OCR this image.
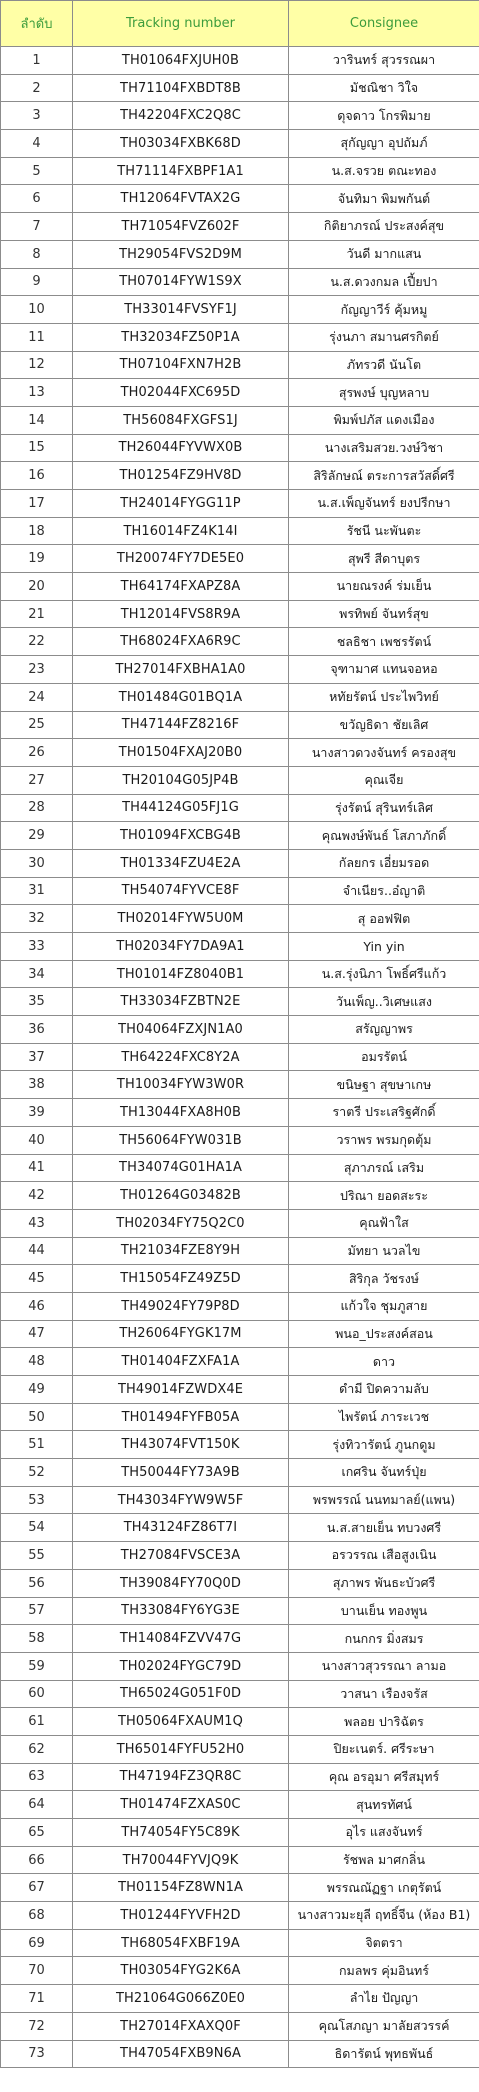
ลำดับ	Tracking number	Consignee
1	TH01064FXJUH0B	วารินทร์ สุวรรณผา
2	TH71104FXBDT8B	มัชณิชา วิใจ
3	TH42204FXC2Q8C	ดุจดาว โกรพิมาย
4	TH03034FXBK68D	สุกัญญา อุปถัมภ์
5	TH71114FXBPF1A1	น.ส.จรวย ตณะทอง
6	TH12064FVTAX2G	จันทิมา พิมพกันต์
7	TH71054FVZ602F	กิติยาภรณ์ ประสงค์สุข
8	TH29054FVS2D9M	วันดี มากแสน
9	TH07014FYW1S9X	น.ส.ดวงกมล เปี้ยปา
10	TH33014FVSYF1J	กัญญาวีร์ คุ้มหมู
11	TH32034FZ50P1A	รุ่งนภา สมานศรกิตย์
12	TH07104FXN7H2B	ภัทรวดี นันโต
13	TH02044FXC695D	สุรพงษ์ บุญหลาบ
14	TH56084FXGFS1J	พิมพ์ปภัส แดงเมือง
15	TH26044FYVWX0B	นางเสริมสวย.วงษ์วิชา
16	TH01254FZ9HV8D	สิริลักษณ์ ตระการสวัสดิ์ศรี
17	TH24014FYGG11P	น.ส.เพ็ญจันทร์ ยงปรีกษา
18	TH16014FZ4K14I	รัชนี นะพันตะ
19	TH20074FY7DE5E0	สุพรี สีดาบุตร
20	TH64174FXAPZ8A	นายณรงค์ ร่มเย็น
21	TH12014FVS8R9A	พรทิพย์ จันทร์สุข
22	TH68024FXA6R9C	ชลธิชา เพชรรัตน์
23	TH27014FXBHA1A0	จุฑามาศ แทนจอหอ
24	TH01484G01BQ1A	หทัยรัตน์ ประไพวิทย์
25	TH47144FZ8216F	ขวัญธิดา ชัยเลิศ
26	TH01504FXAJ20B0	นางสาวดวงจันทร์ ครองสุข
27	TH20104G05JP4B	คุณเจีย
28	TH44124G05FJ1G	รุ่งรัตน์ สุรินทร์เลิศ
29	TH01094FXCBG4B	คุณพงษ์พันธ์ โสภาภักดิ์
30	TH01334FZU4E2A	กัลยกร เอี่ยมรอด
31	TH54074FYVCE8F	จำเนียร..อ๋ญาติ
32	TH02014FYW5U0M	สุ ออฟฟิต
33	TH02034FY7DA9A1	Yin yin
34	TH01014FZ8040B1	น.ส.รุ่งนิภา โพธิ์ศรีแก้ว
35	TH33034FZBTN2E	วันเพ็ญ..วิเศษแสง
36	TH04064FZXJN1A0	สรัญญาพร
37	TH64224FXC8Y2A	อมรรัตน์
38	TH10034FYW3W0R	ขนิษฐา สุขษาเกษ
39	TH13044FXA8H0B	ราตรี ประเสริฐศักดิ์
40	TH56064FYW031B	วราพร พรมกุดตุ้ม
41	TH34074G01HA1A	สุภาภรณ์ เสริม
42	TH01264G03482B	ปริณา ยอดสะระ
43	TH02034FY75Q2C0	คุณฟ้าใส
44	TH21034FZE8Y9H	มัทยา นวลไข
45	TH15054FZ49Z5D	สิริกุล วัชรงษ์
46	TH49024FY79P8D	แก้วใจ ชุมภูสาย
47	TH26064FYGK17M	พนอ_ประสงค์สอน
48	TH01404FZXFA1A	ดาว
49	TH49014FZWDX4E	ดำมี ปิดความลับ
50	TH01494FYFB05A	ไพรัตน์ ภาระเวช
51	TH43074FVT150K	รุ่งทิวารัตน์ ภูนกดูม
52	TH50044FY73A9B	เกศริน จันทร์ปุ่ย
53	TH43034FYW9W5F	พรพรรณ์ นนทมาลย์(แพน)
54	TH43124FZ86T7I	น.ส.สายเย็น ทบวงศรี
55	TH27084FVSCE3A	อรวรรณ เสือสูงเนิน
56	TH39084FY70Q0D	สุภาพร พันธะบัวศรี
57	TH33084FY6YG3E	บานเย็น ทองพูน
58	TH14084FZVV47G	กนกกร มิ่งสมร
59	TH02024FYGC79D	นางสาวสุวรรณา ลามอ
60	TH65024G051F0D	วาสนา เรืองจรัส
61	TH05064FXAUM1Q	พลอย ปาริฉัตร
62	TH65014FYFU52H0	ปิยะเนตร์. ศรีระษา
63	TH47194FZ3QR8C	คุณ อรอุมา ศรีสมุทร์
64	TH01474FZXAS0C	สุนทรทัศน์
65	TH74054FY5C89K	อุไร แสงจันทร์
66	TH70044FYVJQ9K	รัชพล มาศกลิ่น
67	TH01154FZ8WN1A	พรรณณัฏฐา เกตุรัตน์
68	TH01244FYVFH2D	นางสาวมะยุลี ฤทธิ์จีน (ห้อง B1)
69	TH68054FXBF19A	จิตตรา
70	TH03054FYG2K6A	กมลพร คุ่มอินทร์
71	TH21064G066Z0E0	ลำไย ปัญญา
72	TH27014FXAXQ0F	คุณโสภญา มาลัยสวรรค์
73	TH47054FXB9N6A	ธิดารัตน์ พุทธพันธ์
